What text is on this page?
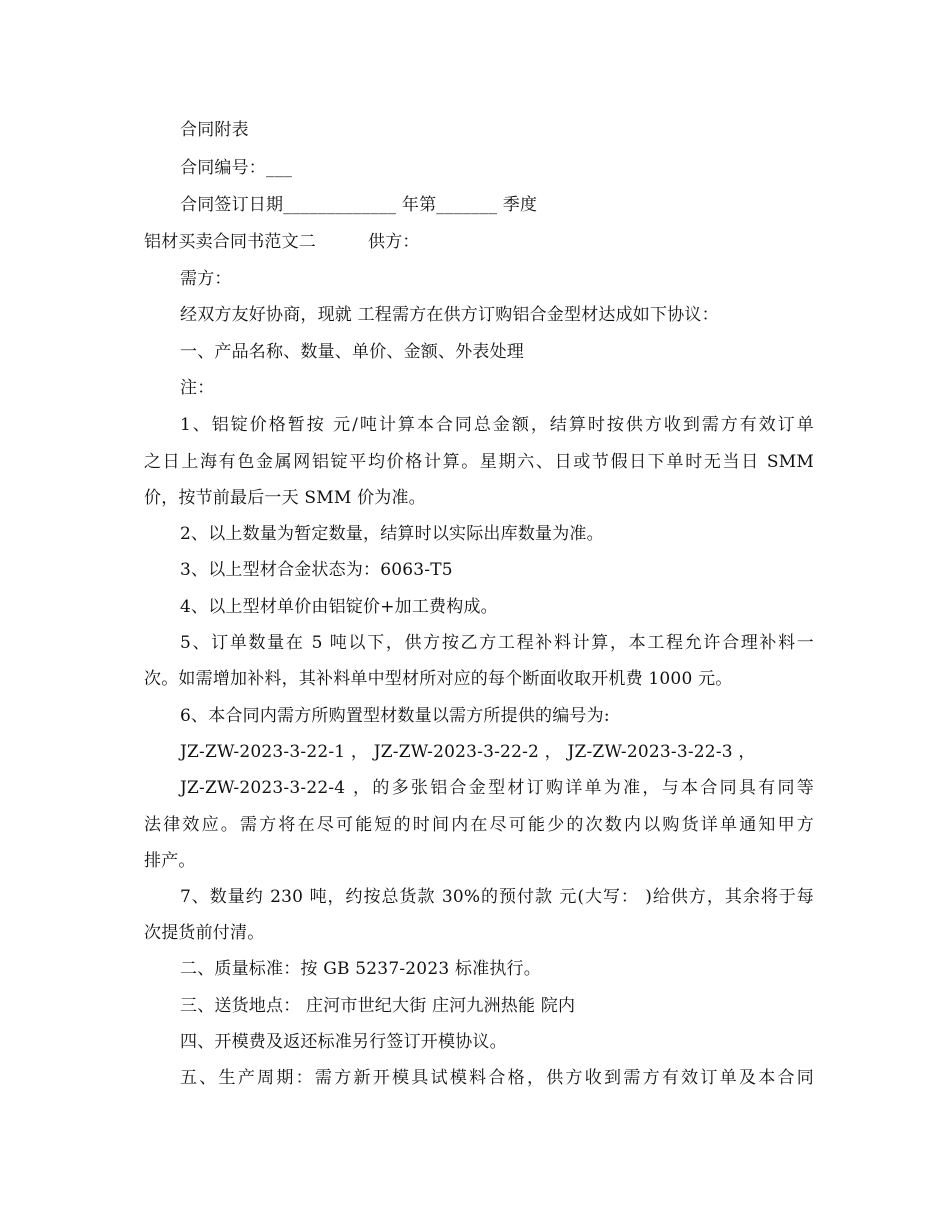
合同附表
合同编号：___
合同签订日期_____________ 年第_______ 季度
铝材买卖合同书范文二	供方：
需方：
经双方友好协商，现就 工程需方在供方订购铝合金型材达成如下协议：
一、产品名称、数量、单价、金额、外表处理
注：
1、铝锭价格暂按 元/吨计算本合同总金额，结算时按供方收到需方有效订单
之日上海有色金属网铝锭平均价格计算。星期六、日或节假日下单时无当日 SMM
价，按节前最后一天 SMM 价为准。
2、以上数量为暂定数量，结算时以实际出库数量为准。
3、以上型材合金状态为：6063-T5
4、以上型材单价由铝锭价+加工费构成。
5、订单数量在 5 吨以下，供方按乙方工程补料计算，本工程允许合理补料一
次。如需增加补料，其补料单中型材所对应的每个断面收取开机费 1000 元。
6、本合同内需方所购置型材数量以需方所提供的编号为:
JZ-ZW-2023-3-22-1 ， JZ-ZW-2023-3-22-2 ， JZ-ZW-2023-3-22-3 ，
JZ-ZW-2023-3-22-4 ，的多张铝合金型材订购详单为准，与本合同具有同等
法律效应。需方将在尽可能短的时间内在尽可能少的次数内以购货详单通知甲方
排产。
7、数量约 230 吨，约按总货款 30%的预付款 元(大写： )给供方，其余将于每
次提货前付清。
二、质量标准：按 GB 5237-2023 标准执行。
三、送货地点： 庄河市世纪大街 庄河九洲热能 院内
四、开模费及返还标准另行签订开模协议。
五、生产周期：需方新开模具试模料合格，供方收到需方有效订单及本合同
